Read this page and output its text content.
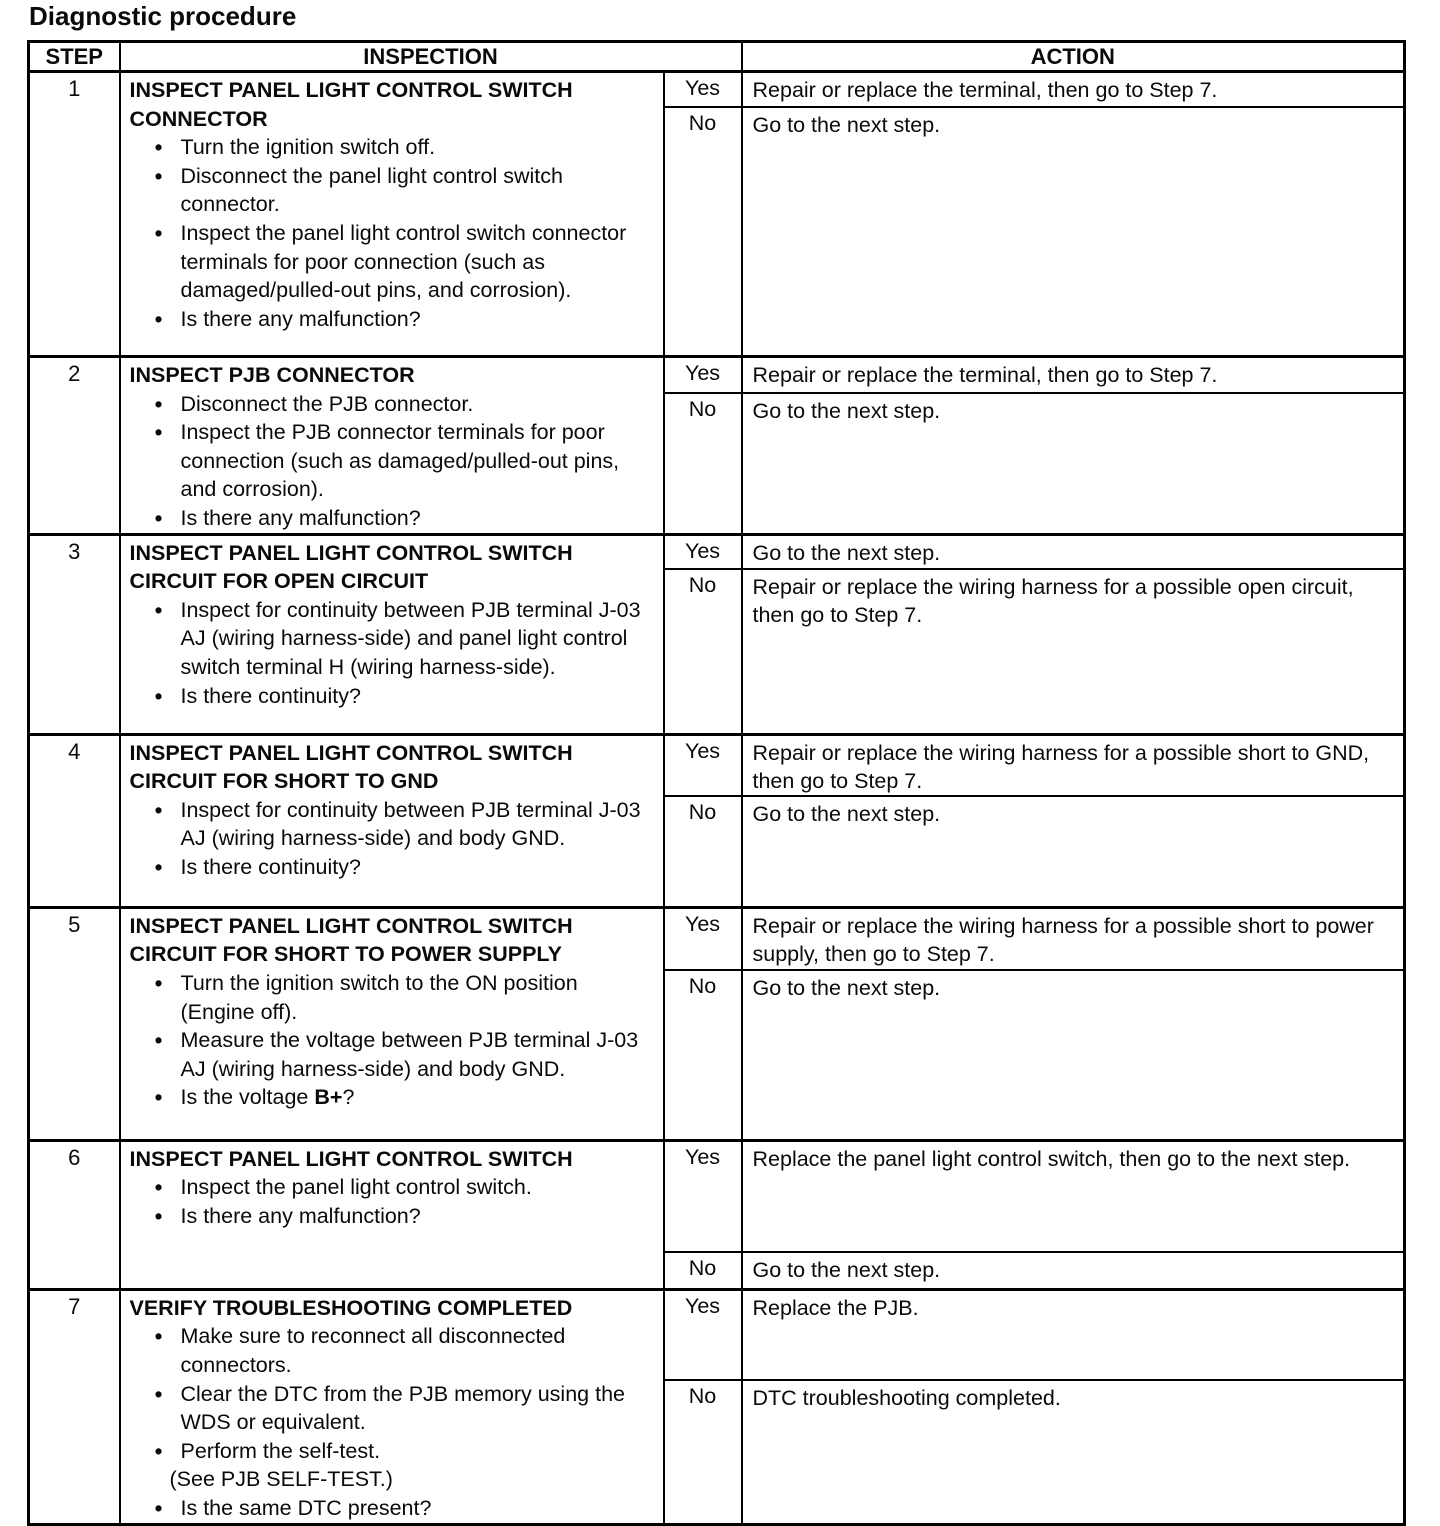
Diagnostic procedure
STEP	INSPECTION		ACTION
1	INSPECT PANEL LIGHT CONTROL SWITCH CONNECTOR
• Turn the ignition switch off.
• Disconnect the panel light control switch connector.
• Inspect the panel light control switch connector terminals for poor connection (such as damaged/pulled-out pins, and corrosion).
• Is there any malfunction?
	Yes	Repair or replace the terminal, then go to Step 7.
		No	Go to the next step.
2	INSPECT PJB CONNECTOR
• Disconnect the PJB connector.
• Inspect the PJB connector terminals for poor connection (such as damaged/pulled-out pins, and corrosion).
• Is there any malfunction?
	Yes	Repair or replace the terminal, then go to Step 7.
		No	Go to the next step.
3	INSPECT PANEL LIGHT CONTROL SWITCH CIRCUIT FOR OPEN CIRCUIT
• Inspect for continuity between PJB terminal J-03 AJ (wiring harness-side) and panel light control switch terminal H (wiring harness-side).
• Is there continuity?
	Yes	Go to the next step.
		No	Repair or replace the wiring harness for a possible open circuit, then go to Step 7.
4	INSPECT PANEL LIGHT CONTROL SWITCH CIRCUIT FOR SHORT TO GND
• Inspect for continuity between PJB terminal J-03 AJ (wiring harness-side) and body GND.
• Is there continuity?
	Yes	Repair or replace the wiring harness for a possible short to GND, then go to Step 7.
		No	Go to the next step.
5	INSPECT PANEL LIGHT CONTROL SWITCH CIRCUIT FOR SHORT TO POWER SUPPLY
• Turn the ignition switch to the ON position (Engine off).
• Measure the voltage between PJB terminal J-03 AJ (wiring harness-side) and body GND.
• Is the voltage B+?
	Yes	Repair or replace the wiring harness for a possible short to power supply, then go to Step 7.
		No	Go to the next step.
6	INSPECT PANEL LIGHT CONTROL SWITCH
• Inspect the panel light control switch.
• Is there any malfunction?
	Yes	Replace the panel light control switch, then go to the next step.
		No	Go to the next step.
7	VERIFY TROUBLESHOOTING COMPLETED
• Make sure to reconnect all disconnected connectors.
• Clear the DTC from the PJB memory using the WDS or equivalent.
• Perform the self-test.
(See PJB SELF-TEST.)
• Is the same DTC present?
	Yes	Replace the PJB.
		No	DTC troubleshooting completed.
